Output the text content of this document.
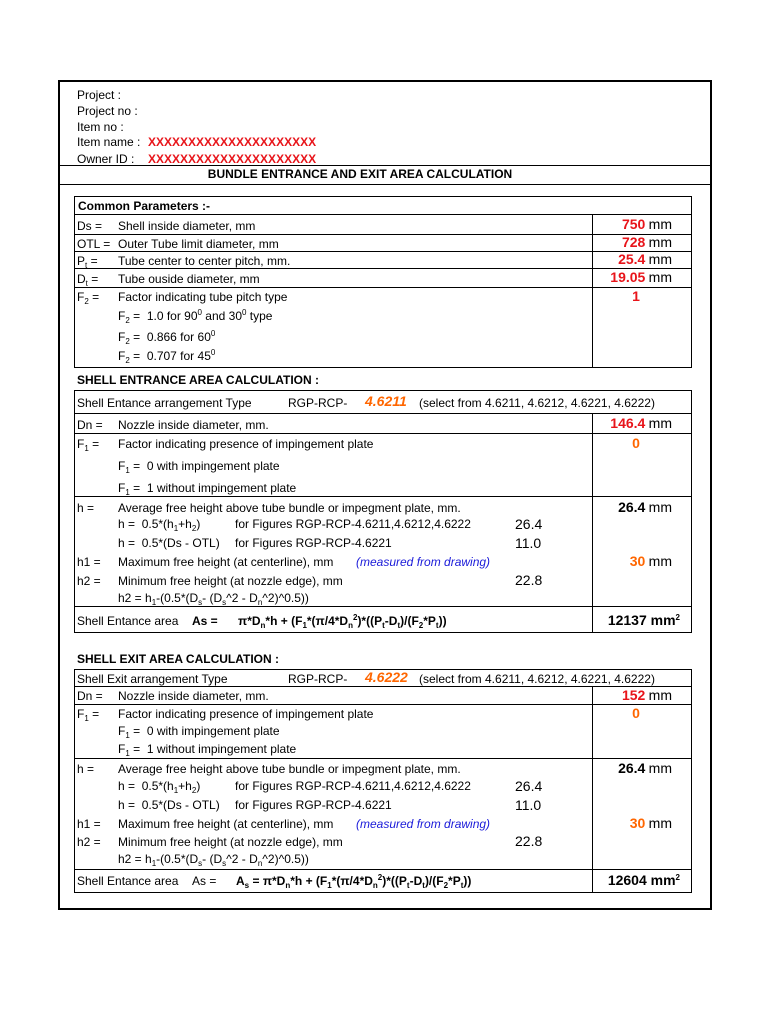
Project :
Project no :
Item no :
Item name : XXXXXXXXXXXXXXXXXXXXX
Owner ID : XXXXXXXXXXXXXXXXXXXXX
BUNDLE ENTRANCE AND EXIT AREA CALCULATION
Common Parameters :-
Ds = Shell inside diameter, mm	750 mm
OTL = Outer Tube limit diameter, mm	728 mm
$P_t$ = Tube center to center pitch, mm.	25.4 mm
$D_t$ = Tube ouside diameter, mm	19.05 mm
$F_2$ = Factor indicating tube pitch type	1
$F_2 = 1.0$ for $90^0$ and $30^0$ type
$F_2 = 0.866$ for $60^0$
$F_2 = 0.707$ for $45^0$
SHELL ENTRANCE AREA CALCULATION :
Shell Entance arrangement Type	RGP-RCP- 4.6211 (select from 4.6211, 4.6212, 4.6221, 4.6222)
Dn = Nozzle inside diameter, mm.	146.4 mm
$F_1$ = Factor indicating presence of impingement plate	0
$F_1 = 0$ with impingement plate
$F_1 = 1$ without impingement plate
h = Average free height above tube bundle or impegment plate, mm.	26.4 mm
$h = 0.5*(h_1+h_2)$	for Figures RGP-RCP-4.6211,4.6212,4.6222	26.4
h = 0.5*(Ds - OTL) for Figures RGP-RCP-4.6221	11.0
h1 = Maximum free height (at centerline), mm (measured from drawing)	30 mm
h2 = Minimum free height (at nozzle edge), mm	22.8
$h2 = h_1-(0.5*(D_s-$ ($D_s\^{}2$ - $D_n\^{}2)\^{}0.5$))
Shell Entance area $As = \pi*D_n*h + (F_1*(\pi/4*D_n^2)*((P_t-D_t)/(F_2*P_t))$	12137 $mm^2$
SHELL EXIT AREA CALCULATION :
Shell Exit arrangement Type	RGP-RCP- 4.6222 (select from 4.6211, 4.6212, 4.6221, 4.6222)
Dn = Nozzle inside diameter, mm.	152 mm
$F_1$ = Factor indicating presence of impingement plate	0
$F_1 = 0$ with impingement plate
$F_1 = 1$ without impingement plate
h = Average free height above tube bundle or impegment plate, mm.	26.4 mm
$h = 0.5*(h_1+h_2)$	for Figures RGP-RCP-4.6211,4.6212,4.6222	26.4
h = 0.5*(Ds - OTL) for Figures RGP-RCP-4.6221	11.0
h1 = Maximum free height (at centerline), mm (measured from drawing)	30 mm
h2 = Minimum free height (at nozzle edge), mm	22.8
$h2 = h_1-(0.5*(D_s-$ ($D_s\^{}2$ - $D_n\^{}2)\^{}0.5$))
Shell Entance area $As = A_s = \pi*D_n*h + (F_1*(\pi/4*D_n^2)*((P_t-D_t)/(F_2*P_t))$	12604 $mm^2$
